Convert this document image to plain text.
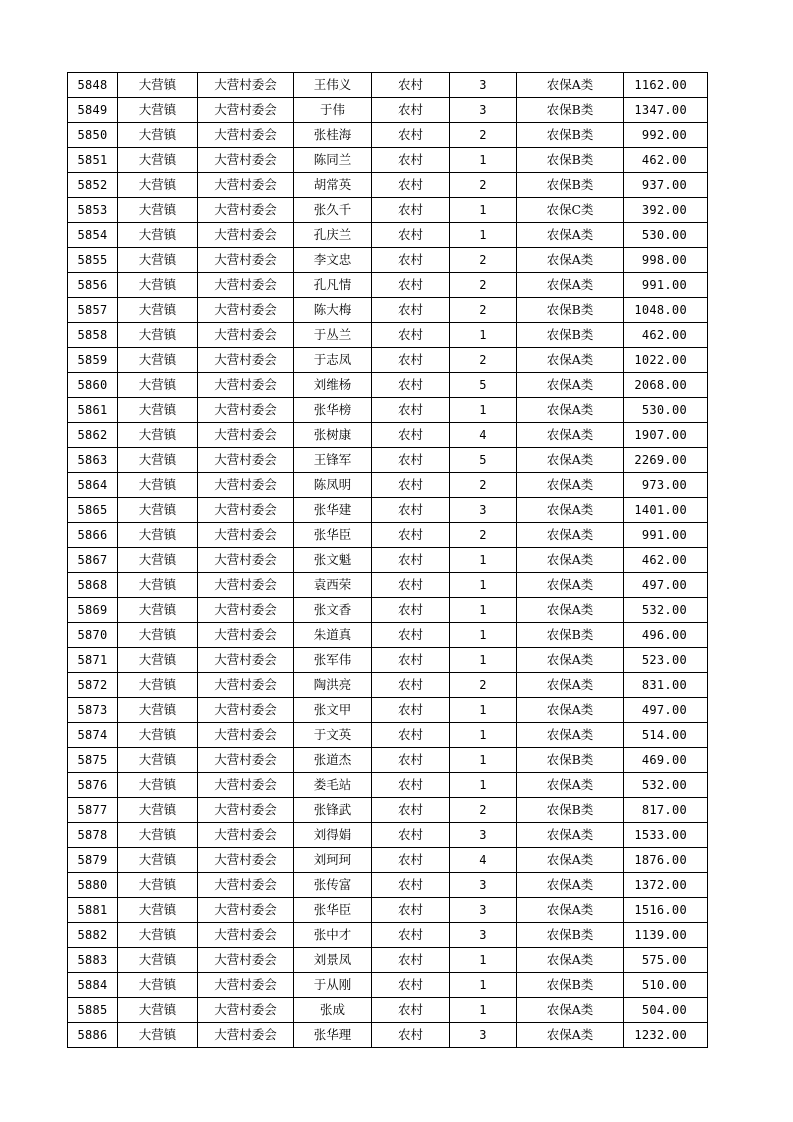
5848	大营镇	大营村委会	王伟义	农村	3	农保A类	1162.00
5849	大营镇	大营村委会	于伟	农村	3	农保B类	1347.00
5850	大营镇	大营村委会	张桂海	农村	2	农保B类	992.00
5851	大营镇	大营村委会	陈同兰	农村	1	农保B类	462.00
5852	大营镇	大营村委会	胡常英	农村	2	农保B类	937.00
5853	大营镇	大营村委会	张久千	农村	1	农保C类	392.00
5854	大营镇	大营村委会	孔庆兰	农村	1	农保A类	530.00
5855	大营镇	大营村委会	李文忠	农村	2	农保A类	998.00
5856	大营镇	大营村委会	孔凡情	农村	2	农保A类	991.00
5857	大营镇	大营村委会	陈大梅	农村	2	农保B类	1048.00
5858	大营镇	大营村委会	于丛兰	农村	1	农保B类	462.00
5859	大营镇	大营村委会	于志凤	农村	2	农保A类	1022.00
5860	大营镇	大营村委会	刘维杨	农村	5	农保A类	2068.00
5861	大营镇	大营村委会	张华榜	农村	1	农保A类	530.00
5862	大营镇	大营村委会	张树康	农村	4	农保A类	1907.00
5863	大营镇	大营村委会	王锋军	农村	5	农保A类	2269.00
5864	大营镇	大营村委会	陈凤明	农村	2	农保A类	973.00
5865	大营镇	大营村委会	张华建	农村	3	农保A类	1401.00
5866	大营镇	大营村委会	张华臣	农村	2	农保A类	991.00
5867	大营镇	大营村委会	张文魁	农村	1	农保A类	462.00
5868	大营镇	大营村委会	袁西荣	农村	1	农保A类	497.00
5869	大营镇	大营村委会	张文香	农村	1	农保A类	532.00
5870	大营镇	大营村委会	朱道真	农村	1	农保B类	496.00
5871	大营镇	大营村委会	张军伟	农村	1	农保A类	523.00
5872	大营镇	大营村委会	陶洪亮	农村	2	农保A类	831.00
5873	大营镇	大营村委会	张文甲	农村	1	农保A类	497.00
5874	大营镇	大营村委会	于文英	农村	1	农保A类	514.00
5875	大营镇	大营村委会	张道杰	农村	1	农保B类	469.00
5876	大营镇	大营村委会	娄毛站	农村	1	农保A类	532.00
5877	大营镇	大营村委会	张锋武	农村	2	农保B类	817.00
5878	大营镇	大营村委会	刘得娟	农村	3	农保A类	1533.00
5879	大营镇	大营村委会	刘珂珂	农村	4	农保A类	1876.00
5880	大营镇	大营村委会	张传富	农村	3	农保A类	1372.00
5881	大营镇	大营村委会	张华臣	农村	3	农保A类	1516.00
5882	大营镇	大营村委会	张中才	农村	3	农保B类	1139.00
5883	大营镇	大营村委会	刘景凤	农村	1	农保A类	575.00
5884	大营镇	大营村委会	于从刚	农村	1	农保B类	510.00
5885	大营镇	大营村委会	张成	农村	1	农保A类	504.00
5886	大营镇	大营村委会	张华理	农村	3	农保A类	1232.00
